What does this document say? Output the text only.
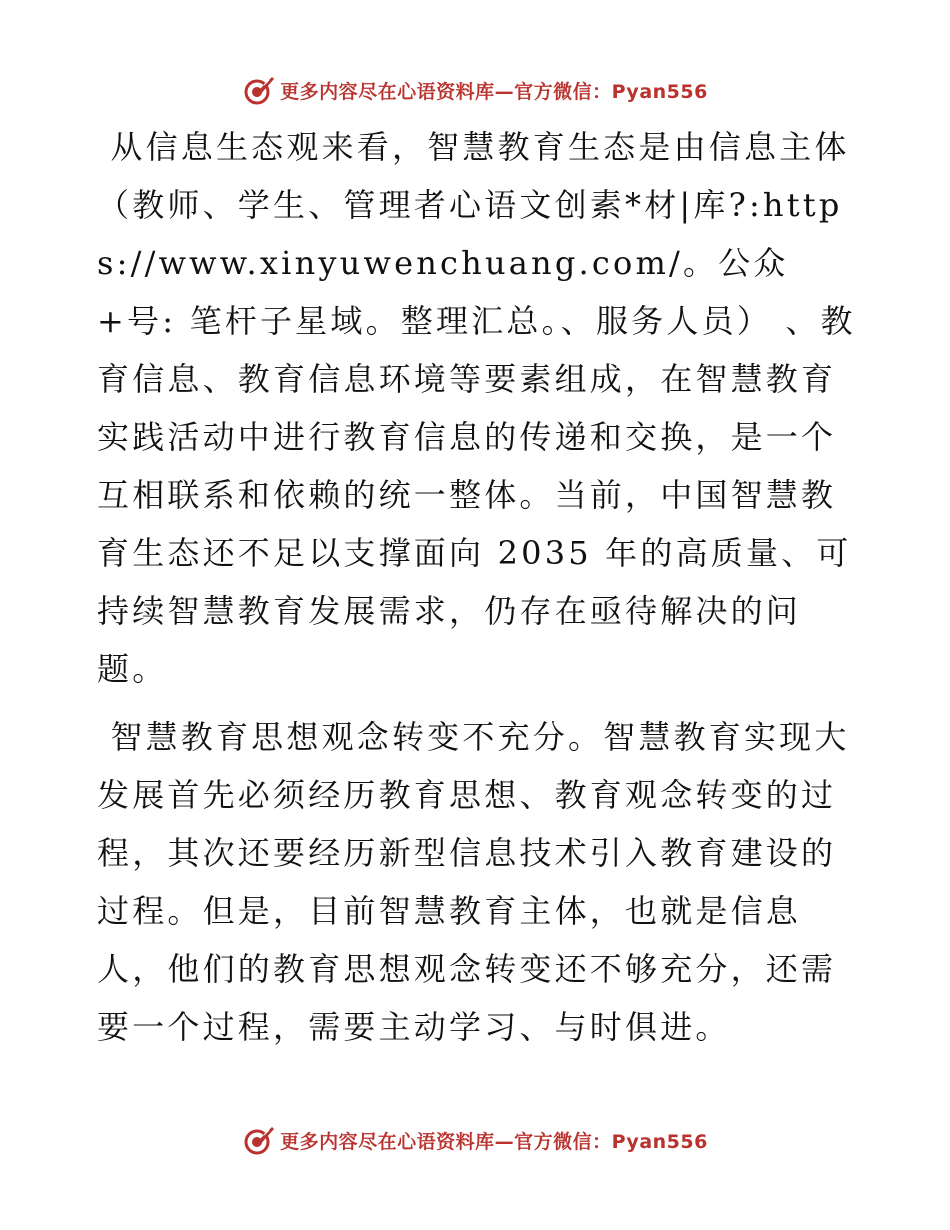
更多内容尽在心语资料库—官方微信：Pyan556

从信息生态观来看，智慧教育生态是由信息主体（教师、学生、管理者心语文创素*材|库?:https://www.xinyuwenchuang.com/。公众+号: 笔杆子星域。整理汇总。、服务人员） 、教育信息、教育信息环境等要素组成，在智慧教育实践活动中进行教育信息的传递和交换，是一个互相联系和依赖的统一整体。当前，中国智慧教育生态还不足以支撑面向 2035 年的高质量、可持续智慧教育发展需求，仍存在亟待解决的问题。

智慧教育思想观念转变不充分。智慧教育实现大发展首先必须经历教育思想、教育观念转变的过程，其次还要经历新型信息技术引入教育建设的过程。但是，目前智慧教育主体，也就是信息人，他们的教育思想观念转变还不够充分，还需要一个过程，需要主动学习、与时俱进。

更多内容尽在心语资料库—官方微信：Pyan556
